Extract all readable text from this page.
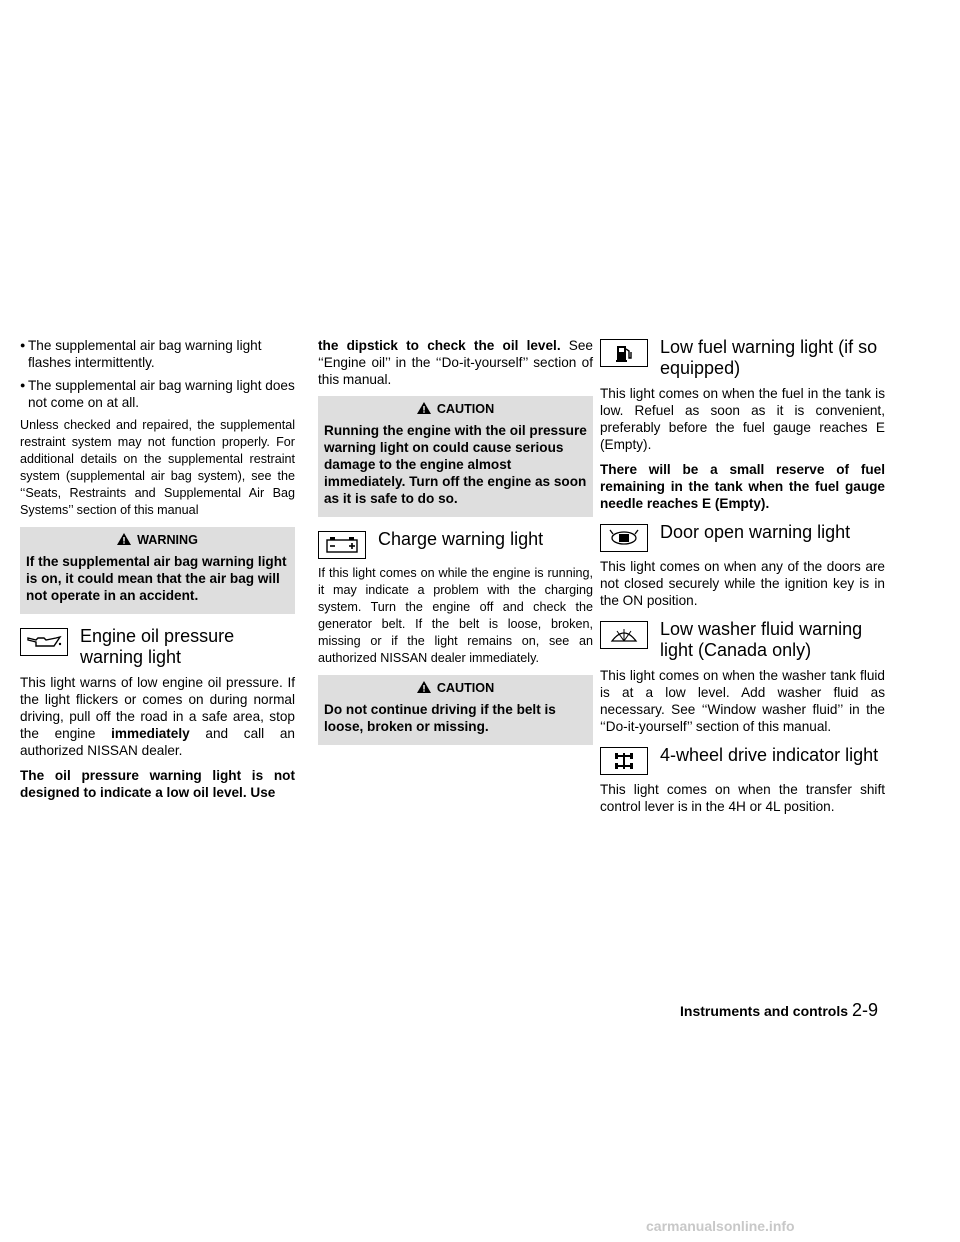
● The supplemental air bag warning light flashes intermittently.
● The supplemental air bag warning light does not come on at all.

Unless checked and repaired, the supplemental restraint system may not function properly. For additional details on the supplemental restraint system (supplemental air bag system), see the ‘‘Seats, Restraints and Supplemental Air Bag Systems’’ section of this manual

WARNING
If the supplemental air bag warning light is on, it could mean that the air bag will not operate in an accident.
Engine oil pressure warning light

This light warns of low engine oil pressure. If the light flickers or comes on during normal driving, pull off the road in a safe area, stop the engine immediately and call an authorized NISSAN dealer.

The oil pressure warning light is not designed to indicate a low oil level. Use

the dipstick to check the oil level. See ‘‘Engine oil’’ in the ‘‘Do-it-yourself’’ section of this manual.

CAUTION
Running the engine with the oil pressure warning light on could cause serious damage to the engine almost immediately. Turn off the engine as soon as it is safe to do so.
Charge warning light

If this light comes on while the engine is running, it may indicate a problem with the charging system. Turn the engine off and check the generator belt. If the belt is loose, broken, missing or if the light remains on, see an authorized NISSAN dealer immediately.

CAUTION
Do not continue driving if the belt is loose, broken or missing.
Low fuel warning light (if so equipped)

This light comes on when the fuel in the tank is low. Refuel as soon as it is convenient, preferably before the fuel gauge reaches E (Empty).

There will be a small reserve of fuel remaining in the tank when the fuel gauge needle reaches E (Empty).

Door open warning light

This light comes on when any of the doors are not closed securely while the ignition key is in the ON position.

Low washer fluid warning light (Canada only)

This light comes on when the washer tank fluid is at a low level. Add washer fluid as necessary. See ‘‘Window washer fluid’’ in the ‘‘Do-it-yourself’’ section of this manual.

4-wheel drive indicator light

This light comes on when the transfer shift control lever is in the 4H or 4L position.

Instruments and controls 2-9
carmanualsonline.info
